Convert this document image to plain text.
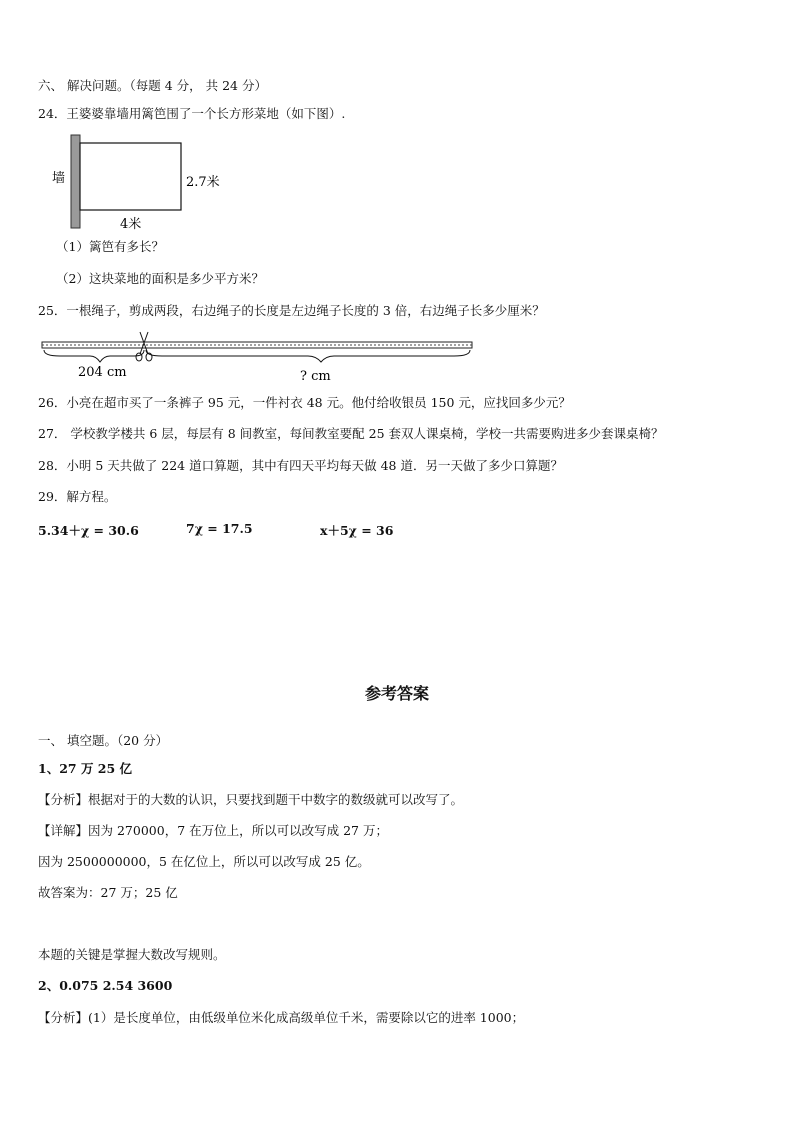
六、 解决问题。（每题 4 分， 共 24 分）
24．王婆婆靠墙用篱笆围了一个长方形菜地（如下图）.
墙	2.7米
4米
（1）篱笆有多长？
（2）这块菜地的面积是多少平方米？
25．一根绳子，剪成两段，右边绳子的长度是左边绳子长度的 3 倍，右边绳子长多少厘米？
204 cm	? cm
26．小亮在超市买了一条裤子 95 元，一件衬衣 48 元。他付给收银员 150 元，应找回多少元？
27． 学校教学楼共 6 层，每层有 8 间教室，每间教室要配 25 套双人课桌椅，学校一共需要购进多少套课桌椅？
28．小明 5 天共做了 224 道口算题，其中有四天平均每天做 48 道．另一天做了多少口算题？
29．解方程。
5.34＋χ = 30.6	7χ = 17.5	x＋5χ = 36
参考答案
一、 填空题。（20 分）
1、27 万 25 亿
【分析】根据对于的大数的认识，只要找到题干中数字的数级就可以改写了。
【详解】因为 270000，7 在万位上，所以可以改写成 27 万；
因为 2500000000，5 在亿位上，所以可以改写成 25 亿。
故答案为：27 万；25 亿
本题的关键是掌握大数改写规则。
2、0.075 2.54 3600
【分析】(1）是长度单位，由低级单位米化成高级单位千米，需要除以它的进率 1000；
